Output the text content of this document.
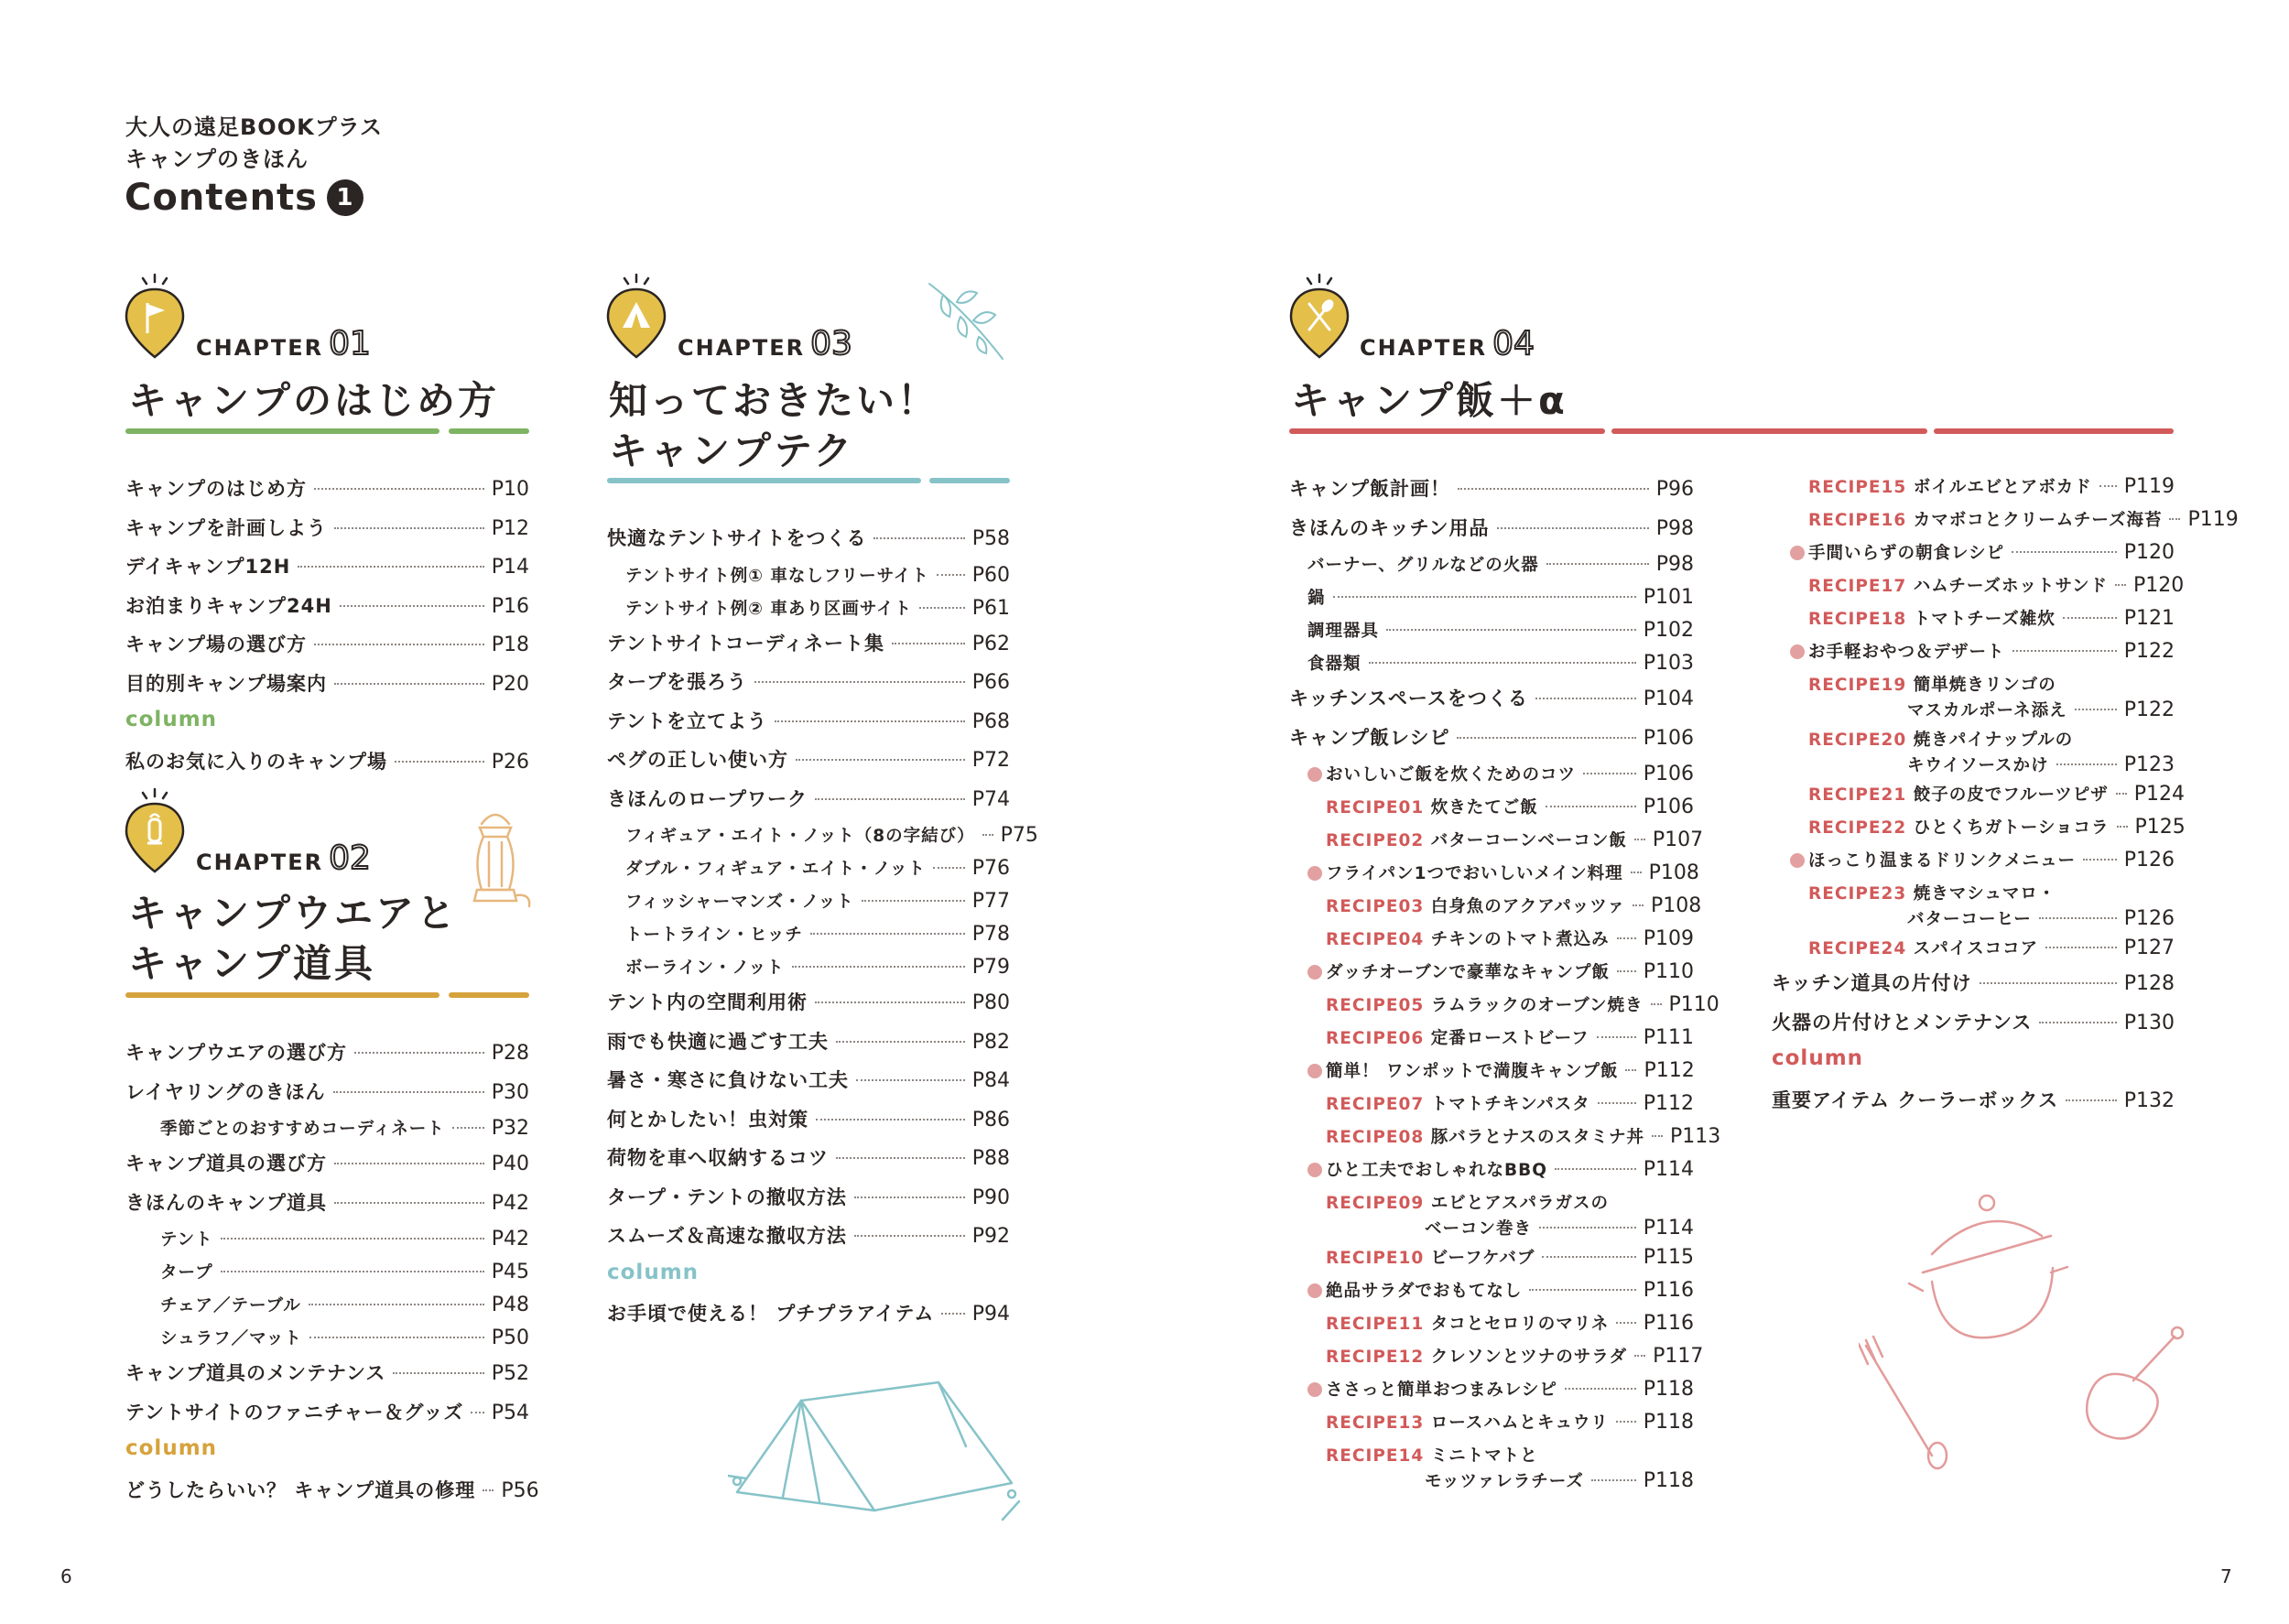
大人の遠足BOOKプラス
キャンプのきほん
Contents 1
CHAPTER 01
キャンプのはじめ方
キャンプのはじめ方	P10
キャンプを計画しよう	P12
デイキャンプ12H	P14
お泊まりキャンプ24H	P16
キャンプ場の選び方	P18
目的別キャンプ場案内	P20
column
私のお気に入りのキャンプ場	P26
CHAPTER 02
キャンプウエアと
キャンプ道具
キャンプウエアの選び方	P28
レイヤリングのきほん	P30
季節ごとのおすすめコーディネート P32
キャンプ道具の選び方	P40
きほんのキャンプ道具	P42
テント	P42
タープ	P45
チェア／テーブル	P48
シュラフ／マット	P50
キャンプ道具のメンテナンス	P52
テントサイトのファニチャー＆グッズ P54
column
どうしたらいい？ キャンプ道具の修理 P56
CHAPTER 03
知っておきたい！
キャンプテク
快適なテントサイトをつくる	P58
テントサイト例① 車なしフリーサイト P60
テントサイト例② 車あり区画サイト	P61
テントサイトコーディネート集	P62
タープを張ろう	P66
テントを立てよう	P68
ペグの正しい使い方	P72
きほんのロープワーク	P74
フィギュア・エイト・ノット（8の字結び） P75
ダブル・フィギュア・エイト・ノット P76
フィッシャーマンズ・ノット	P77
トートライン・ヒッチ	P78
ボーライン・ノット	P79
テント内の空間利用術	P80
雨でも快適に過ごす工夫	P82
暑さ・寒さに負けない工夫	P84
何とかしたい！虫対策	P86
荷物を車へ収納するコツ	P88
タープ・テントの撤収方法	P90
スムーズ＆高速な撤収方法	P92
column
お手頃で使える！ プチプラアイテム P94
CHAPTER 04
キャンプ飯＋α
キャンプ飯計画！	P96
きほんのキッチン用品	P98
バーナー、グリルなどの火器	P98
鍋	P101
調理器具	P102
食器類	P103
キッチンスペースをつくる	P104
キャンプ飯レシピ	P106
おいしいご飯を炊くためのコツ	P106
RECIPE01 炊きたてご飯	P106
RECIPE02 バターコーンベーコン飯 P107
フライパン1つでおいしいメイン料理 P108
RECIPE03 白身魚のアクアパッツァ P108
RECIPE04 チキンのトマト煮込み P109
ダッチオーブンで豪華なキャンプ飯 P110
RECIPE05 ラムラックのオーブン焼き P110
RECIPE06 定番ローストビーフ	P111
簡単！ ワンポットで満腹キャンプ飯 P112
RECIPE07 トマトチキンパスタ	P112
RECIPE08 豚バラとナスのスタミナ丼 P113
ひと工夫でおしゃれなBBQ	P114
RECIPE09 エビとアスパラガスの
ベーコン巻き	P114
RECIPE10 ビーフケバブ	P115
絶品サラダでおもてなし	P116
RECIPE11 タコとセロリのマリネ P116
RECIPE12 クレソンとツナのサラダ P117
ささっと簡単おつまみレシピ	P118
RECIPE13 ロースハムとキュウリ P118
RECIPE14 ミニトマトと
モッツァレラチーズ	P118
RECIPE15 ボイルエビとアボカド P119
RECIPE16 カマボコとクリームチーズ海苔 P119
手間いらずの朝食レシピ	P120
RECIPE17 ハムチーズホットサンド P120
RECIPE18 トマトチーズ雑炊	P121
お手軽おやつ＆デザート	P122
RECIPE19 簡単焼きリンゴの
マスカルポーネ添え	P122
RECIPE20 焼きパイナップルの
キウイソースかけ	P123
RECIPE21 餃子の皮でフルーツピザ P124
RECIPE22 ひとくちガトーショコラ P125
ほっこり温まるドリンクメニュー P126
RECIPE23 焼きマシュマロ・
バターコーヒー	P126
RECIPE24 スパイスココア	P127
キッチン道具の片付け	P128
火器の片付けとメンテナンス	P130
column
重要アイテム クーラーボックス	P132
6	7
